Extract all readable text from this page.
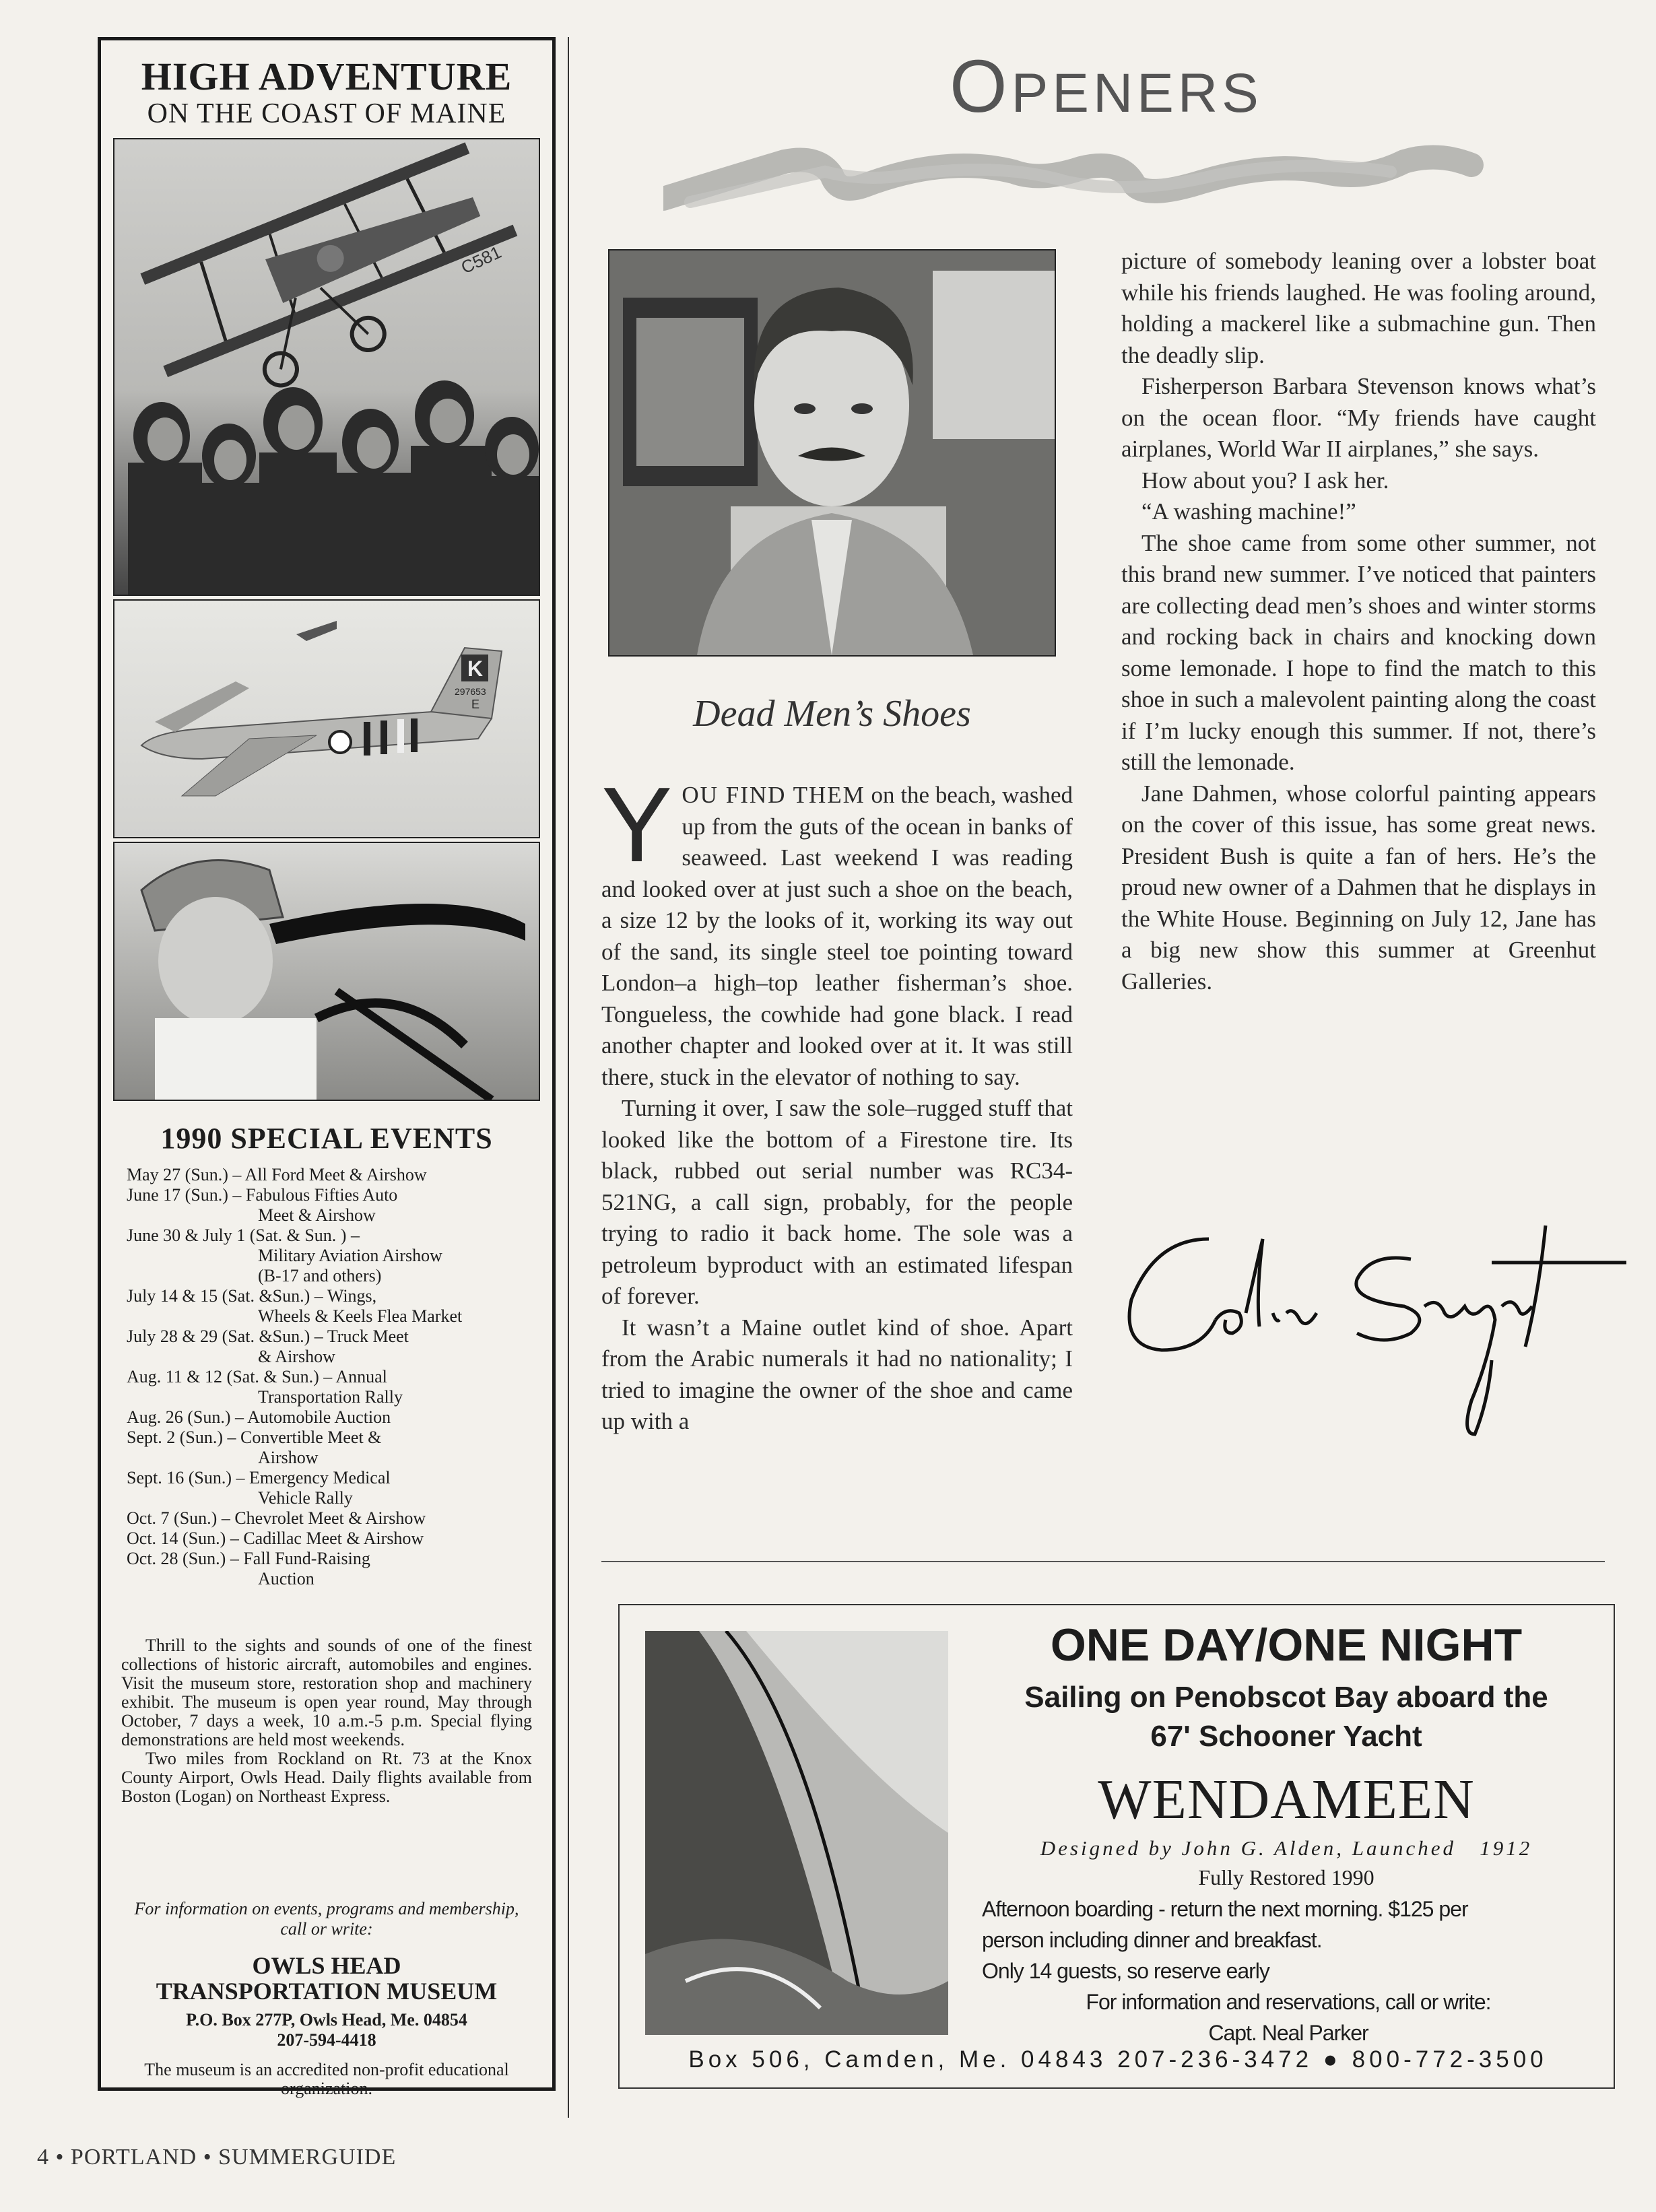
HIGH ADVENTURE
ON THE COAST OF MAINE
C581
K
297653
E
1990 SPECIAL EVENTS
May 27 (Sun.) – All Ford Meet & Airshow
June 17 (Sun.) – Fabulous Fifties Auto
Meet & Airshow
June 30 & July 1 (Sat. & Sun. ) –
Military Aviation Airshow
(B-17 and others)
July 14 & 15 (Sat. &Sun.) – Wings,
Wheels & Keels Flea Market
July 28 & 29 (Sat. &Sun.) – Truck Meet
& Airshow
Aug. 11 & 12 (Sat. & Sun.) – Annual
Transportation Rally
Aug. 26 (Sun.) – Automobile Auction
Sept. 2 (Sun.) – Convertible Meet &
Airshow
Sept. 16 (Sun.) – Emergency Medical
Vehicle Rally
Oct. 7 (Sun.) – Chevrolet Meet & Airshow
Oct. 14 (Sun.) – Cadillac Meet & Airshow
Oct. 28 (Sun.) – Fall Fund-Raising
Auction

Thrill to the sights and sounds of one of the finest collections of historic aircraft, automobiles and engines. Visit the museum store, restoration shop and machinery exhibit. The museum is open year round, May through October, 7 days a week, 10 a.m.-5 p.m. Special flying demonstrations are held most weekends.

Two miles from Rockland on Rt. 73 at the Knox County Airport, Owls Head. Daily flights available from Boston (Logan) on Northeast Express.

For information on events, programs and membership, call or write:
OWLS HEAD
TRANSPORTATION MUSEUM
P.O. Box 277P, Owls Head, Me. 04854
207-594-4418
The museum is an accredited non-profit educational organization.
OPENERS
Dead Men’s Shoes

YOU FIND THEM on the beach, washed up from the guts of the ocean in banks of seaweed. Last weekend I was reading and looked over at just such a shoe on the beach, a size 12 by the looks of it, working its way out of the sand, its single steel toe pointing toward London–a high–top leather fisherman’s shoe. Tongueless, the cowhide had gone black. I read another chapter and looked over at it. It was still there, stuck in the elevator of nothing to say.

Turning it over, I saw the sole–rugged stuff that looked like the bottom of a Firestone tire. Its black, rubbed out serial number was RC34-521NG, a call sign, probably, for the people trying to radio it back home. The sole was a petroleum byproduct with an estimated lifespan of forever.

It wasn’t a Maine outlet kind of shoe. Apart from the Arabic numerals it had no nationality; I tried to imagine the owner of the shoe and came up with a

picture of somebody leaning over a lobster boat while his friends laughed. He was fooling around, holding a mackerel like a submachine gun. Then the deadly slip.

Fisherperson Barbara Stevenson knows what’s on the ocean floor. “My friends have caught airplanes, World War II airplanes,” she says.

How about you? I ask her.

“A washing machine!”

The shoe came from some other summer, not this brand new summer. I’ve noticed that painters are collecting dead men’s shoes and winter storms and rocking back in chairs and knocking down some lemonade. I hope to find the match to this shoe in such a malevolent painting along the coast if I’m lucky enough this summer. If not, there’s still the lemonade.

Jane Dahmen, whose colorful painting appears on the cover of this issue, has some great news. President Bush is quite a fan of hers. He’s the proud new owner of a Dahmen that he displays in the White House. Beginning on July 12, Jane has a big new show this summer at Greenhut Galleries.

ONE DAY/ONE NIGHT
Sailing on Penobscot Bay aboard the
67' Schooner Yacht
WENDAMEEN
Designed by John G. Alden, Launched 1912
Fully Restored 1990
Afternoon boarding - return the next morning. $125 per
person including dinner and breakfast.
Only 14 guests, so reserve early
For information and reservations, call or write:
Capt. Neal Parker
Box 506, Camden, Me. 04843 207-236-3472 ● 800-772-3500
4 • PORTLAND • SUMMERGUIDE
